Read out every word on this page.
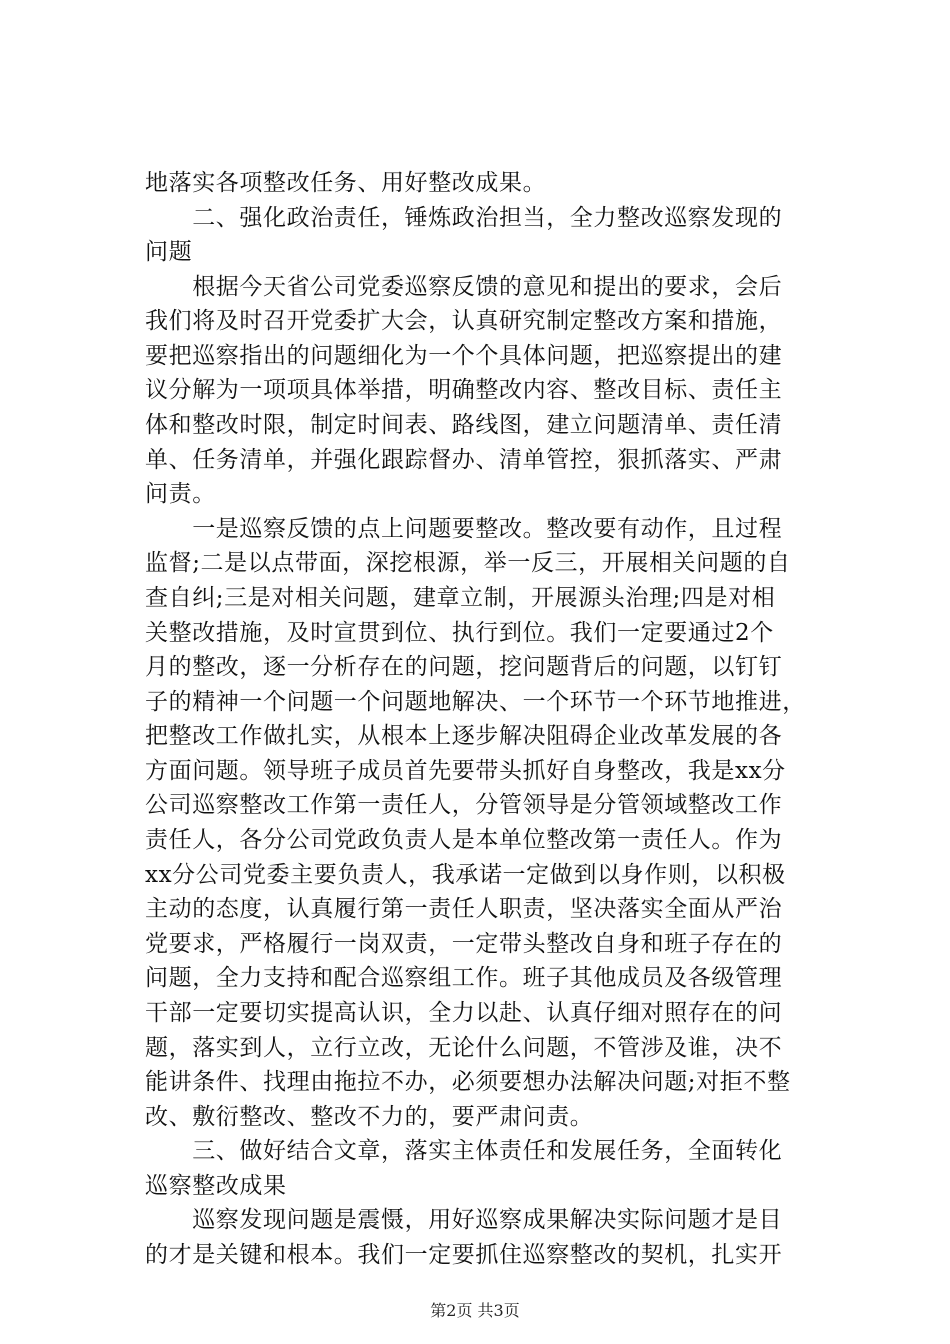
地落实各项整改任务、用好整改成果。
　　二、强化政治责任，锤炼政治担当，全力整改巡察发现的
问题
　　根据今天省公司党委巡察反馈的意见和提出的要求，会后
我们将及时召开党委扩大会，认真研究制定整改方案和措施，
要把巡察指出的问题细化为一个个具体问题，把巡察提出的建
议分解为一项项具体举措，明确整改内容、整改目标、责任主
体和整改时限，制定时间表、路线图，建立问题清单、责任清
单、任务清单，并强化跟踪督办、清单管控，狠抓落实、严肃
问责。
　　一是巡察反馈的点上问题要整改。整改要有动作，且过程
监督;二是以点带面，深挖根源，举一反三，开展相关问题的自
查自纠;三是对相关问题，建章立制，开展源头治理;四是对相
关整改措施，及时宣贯到位、执行到位。我们一定要通过2个
月的整改，逐一分析存在的问题，挖问题背后的问题，以钉钉
子的精神一个问题一个问题地解决、一个环节一个环节地推进，
把整改工作做扎实，从根本上逐步解决阻碍企业改革发展的各
方面问题。领导班子成员首先要带头抓好自身整改，我是xx分
公司巡察整改工作第一责任人，分管领导是分管领域整改工作
责任人，各分公司党政负责人是本单位整改第一责任人。作为
xx分公司党委主要负责人，我承诺一定做到以身作则，以积极
主动的态度，认真履行第一责任人职责，坚决落实全面从严治
党要求，严格履行一岗双责，一定带头整改自身和班子存在的
问题，全力支持和配合巡察组工作。班子其他成员及各级管理
干部一定要切实提高认识，全力以赴、认真仔细对照存在的问
题，落实到人，立行立改，无论什么问题，不管涉及谁，决不
能讲条件、找理由拖拉不办，必须要想办法解决问题;对拒不整
改、敷衍整改、整改不力的，要严肃问责。
　　三、做好结合文章，落实主体责任和发展任务，全面转化
巡察整改成果
　　巡察发现问题是震慑，用好巡察成果解决实际问题才是目
的才是关键和根本。我们一定要抓住巡察整改的契机，扎实开
第2页 共3页
